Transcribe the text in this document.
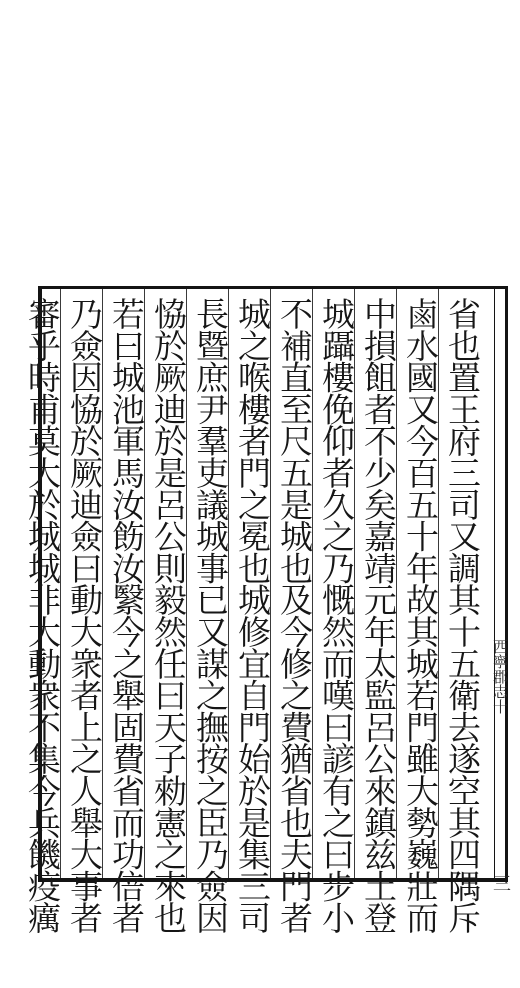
省也置王府三司又調其十五衛去遂空其四隅斥
鹵水國又今百五十年故其城若門雖大勢巍壯而
中損飷者不少矣嘉靖元年太監呂公來鎮兹土登
城躡樓俛仰者久之乃慨然而嘆曰諺有之曰步小
不補直至尺五是城也及今修之費猶省也夫門者
城之喉樓者門之冕也城修宜自門始於是集三司
長暨庶尹羣吏議城事已又謀之撫按之臣乃僉因
恊於厥迪於是呂公則毅然任曰天子勑憲之來也
若曰城池軍馬汝飭汝繄今之舉固費省而功倍者
乃僉因恊於厥迪僉曰動大衆者上之人舉大事者
審乎時甫莫大於城城非大動衆不集今兵饑疫癘	西寧郡志十三
